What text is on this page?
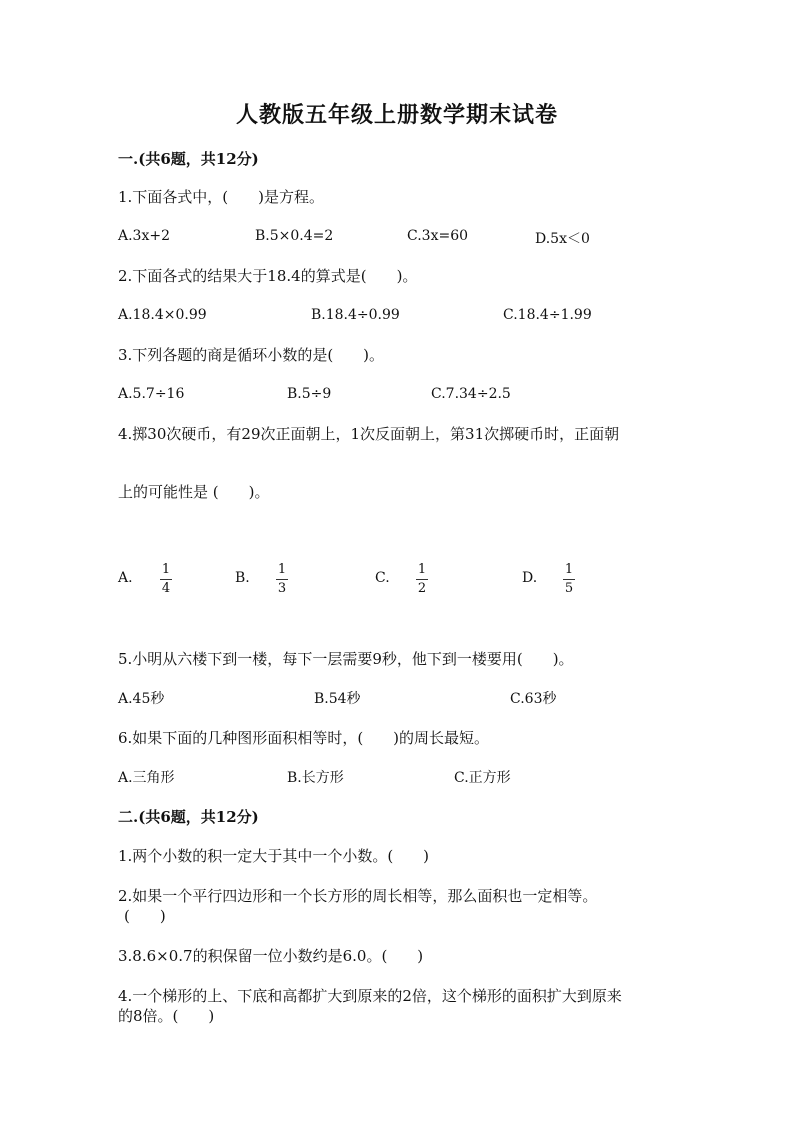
人教版五年级上册数学期末试卷
一.(共6题，共12分)
1.下面各式中，(　　)是方程。
A.3x+2	B.5×0.4=2	C.3x=60	D.5x＜0
2.下面各式的结果大于18.4的算式是(　　)。
A.18.4×0.99	B.18.4÷0.99	C.18.4÷1.99
3.下列各题的商是循环小数的是(　　)。
A.5.7÷16	B.5÷9	C.7.34÷2.5
4.掷30次硬币，有29次正面朝上，1次反面朝上，第31次掷硬币时，正面朝
上的可能性是 (　　)。
A.
1
4
B.
1
3
C.
1
2
D.
1
5
5.小明从六楼下到一楼，每下一层需要9秒，他下到一楼要用(　　)。
A.45秒	B.54秒	C.63秒
6.如果下面的几种图形面积相等时，(　　)的周长最短。
A.三角形	B.长方形	C.正方形
二.(共6题，共12分)
1.两个小数的积一定大于其中一个小数。(　　)
2.如果一个平行四边形和一个长方形的周长相等，那么面积也一定相等。
(　　)
3.8.6×0.7的积保留一位小数约是6.0。(　　)
4.一个梯形的上、下底和高都扩大到原来的2倍，这个梯形的面积扩大到原来
的8倍。(　　)
